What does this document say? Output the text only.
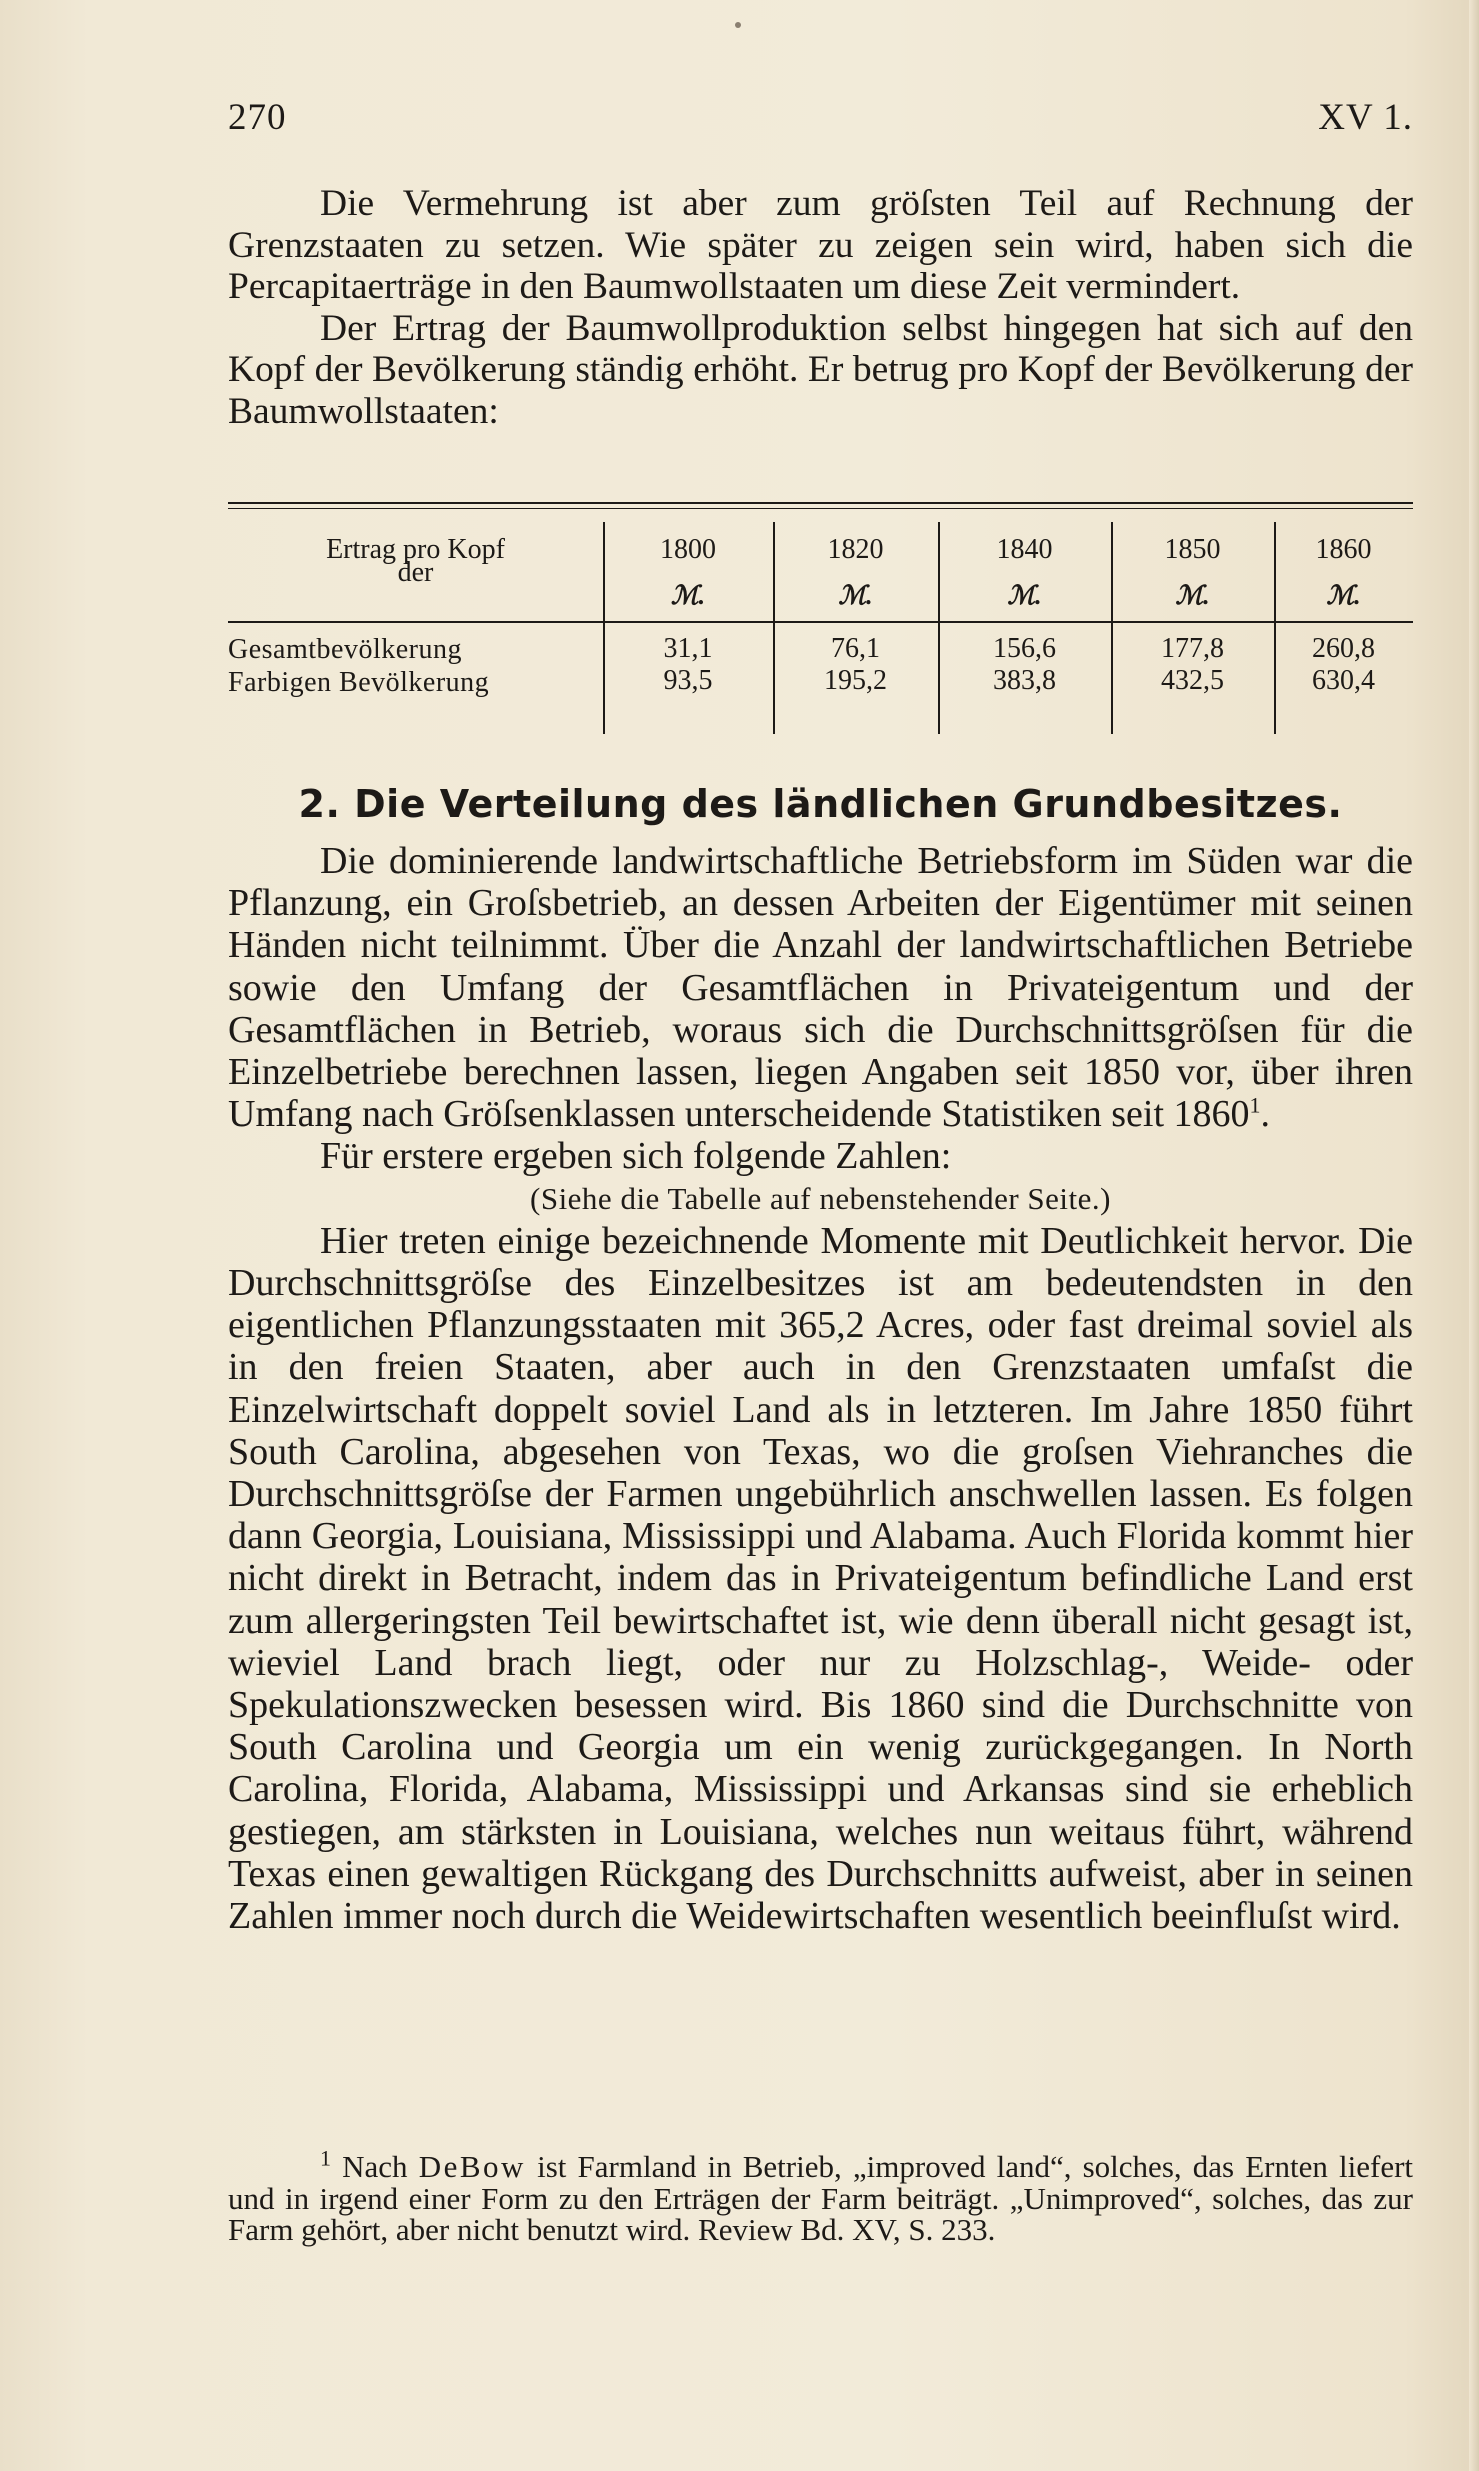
270	XV 1.

Die Vermehrung ist aber zum gröſsten Teil auf Rechnung der Grenzstaaten zu setzen. Wie später zu zeigen sein wird, haben sich die Percapitaerträge in den Baumwollstaaten um diese Zeit vermindert.

Der Ertrag der Baumwollproduktion selbst hingegen hat sich auf den Kopf der Bevölkerung ständig erhöht. Er betrug pro Kopf der Bevölkerung der Baumwollstaaten:

Ertrag pro Kopf
der
1800
ℳ.
1820
ℳ.
1840
ℳ.
1850
ℳ.
1860
ℳ.
Gesamtbevölkerung
Farbigen Bevölkerung
31,1
93,5
76,1
195,2
156,6
383,8
177,8
432,5
260,8
630,4
2. Die Verteilung des ländlichen Grundbesitzes.

Die dominierende landwirtschaftliche Betriebsform im Süden war die Pflanzung, ein Groſsbetrieb, an dessen Arbeiten der Eigentümer mit seinen Händen nicht teilnimmt. Über die Anzahl der landwirtschaftlichen Betriebe sowie den Umfang der Gesamtflächen in Privateigentum und der Gesamtflächen in Betrieb, woraus sich die Durchschnittsgröſsen für die Einzelbetriebe berechnen lassen, liegen Angaben seit 1850 vor, über ihren Umfang nach Gröſsenklassen unterscheidende Statistiken seit 1860$^1$.

Für erstere ergeben sich folgende Zahlen:

(Siehe die Tabelle auf nebenstehender Seite.)

Hier treten einige bezeichnende Momente mit Deutlichkeit hervor. Die Durchschnittsgröſse des Einzelbesitzes ist am bedeutendsten in den eigentlichen Pflanzungsstaaten mit 365,2 Acres, oder fast dreimal soviel als in den freien Staaten, aber auch in den Grenzstaaten umfaſst die Einzelwirtschaft doppelt soviel Land als in letzteren. Im Jahre 1850 führt South Carolina, abgesehen von Texas, wo die groſsen Viehranches die Durchschnittsgröſse der Farmen ungebührlich anschwellen lassen. Es folgen dann Georgia, Louisiana, Mississippi und Alabama. Auch Florida kommt hier nicht direkt in Betracht, indem das in Privateigentum befindliche Land erst zum allergeringsten Teil bewirtschaftet ist, wie denn überall nicht gesagt ist, wieviel Land brach liegt, oder nur zu Holzschlag-, Weide- oder Spekulationszwecken besessen wird. Bis 1860 sind die Durchschnitte von South Carolina und Georgia um ein wenig zurückgegangen. In North Carolina, Florida, Alabama, Mississippi und Arkansas sind sie erheblich gestiegen, am stärksten in Louisiana, welches nun weitaus führt, während Texas einen gewaltigen Rückgang des Durchschnitts aufweist, aber in seinen Zahlen immer noch durch die Weidewirtschaften wesentlich beeinfluſst wird.

$^1$ Nach DeBow ist Farmland in Betrieb, „improved land“, solches, das Ernten liefert und in irgend einer Form zu den Erträgen der Farm beiträgt. „Unimproved“, solches, das zur Farm gehört, aber nicht benutzt wird. Review Bd. XV, S. 233.
